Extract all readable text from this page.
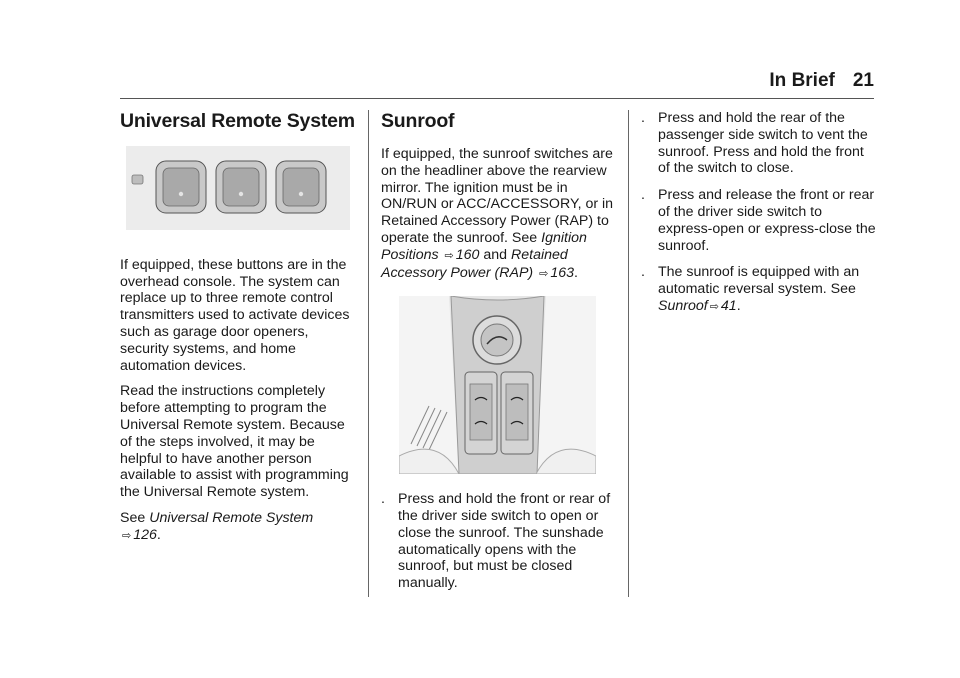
In Brief 21
Universal Remote System

If equipped, these buttons are in the overhead console. The system can replace up to three remote control transmitters used to activate devices such as garage door openers, security systems, and home automation devices.

Read the instructions completely before attempting to program the Universal Remote system. Because of the steps involved, it may be helpful to have another person available to assist with programming the Universal Remote system.

See Universal Remote System ⇨ 126.

Sunroof

If equipped, the sunroof switches are on the headliner above the rearview mirror. The ignition must be in ON/RUN or ACC/ACCESSORY, or in Retained Accessory Power (RAP) to operate the sunroof. See Ignition Positions ⇨ 160 and Retained Accessory Power (RAP) ⇨ 163.

. Press and hold the front or rear of the driver side switch to open or close the sunroof. The sunshade automatically opens with the sunroof, but must be closed manually.
. Press and hold the rear of the passenger side switch to vent the sunroof. Press and hold the front of the switch to close.
. Press and release the front or rear of the driver side switch to express-open or express-close the sunroof.
. The sunroof is equipped with an automatic reversal system. See Sunroof ⇨ 41.
